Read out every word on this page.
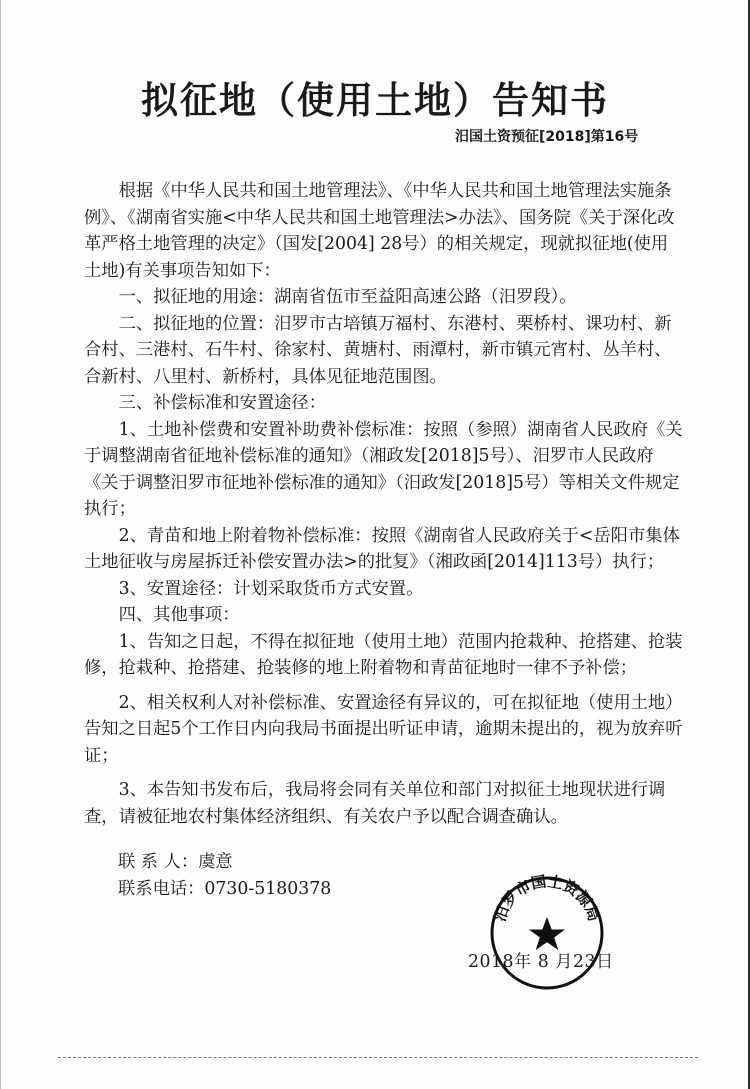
拟征地（使用土地）告知书
汨国土资预征[2018]第16号

根据《中华人民共和国土地管理法》、《中华人民共和国土地管理法实施条例》、《湖南省实施<中华人民共和国土地管理法>办法》、国务院《关于深化改革严格土地管理的决定》（国发[2004] 28号）的相关规定，现就拟征地(使用土地)有关事项告知如下：

一、拟征地的用途：湖南省伍市至益阳高速公路（汨罗段）。

二、拟征地的位置：汨罗市古培镇万福村、东港村、栗桥村、课功村、新合村、三港村、石牛村、徐家村、黄塘村、雨潭村，新市镇元宵村、丛羊村、合新村、八里村、新桥村，具体见征地范围图。

三、补偿标准和安置途径：

1、土地补偿费和安置补助费补偿标准：按照（参照）湖南省人民政府《关于调整湖南省征地补偿标准的通知》（湘政发[2018]5号）、汨罗市人民政府《关于调整汨罗市征地补偿标准的通知》（汨政发[2018]5号）等相关文件规定执行；

2、青苗和地上附着物补偿标准：按照《湖南省人民政府关于<岳阳市集体土地征收与房屋拆迁补偿安置办法>的批复》（湘政函[2014]113号）执行；

3、安置途径：计划采取货币方式安置。

四、其他事项：

1、告知之日起，不得在拟征地（使用土地）范围内抢栽种、抢搭建、抢装修，抢栽种、抢搭建、抢装修的地上附着物和青苗征地时一律不予补偿；

2、相关权利人对补偿标准、安置途径有异议的，可在拟征地（使用土地）告知之日起5个工作日内向我局书面提出听证申请，逾期未提出的，视为放弃听证；

3、本告知书发布后，我局将会同有关单位和部门对拟征土地现状进行调查，请被征地农村集体经济组织、有关农户予以配合调查确认。

联 系 人：虞意
联系电话：0730-5180378
汨罗市国土资源局
2018年 8 月23日
